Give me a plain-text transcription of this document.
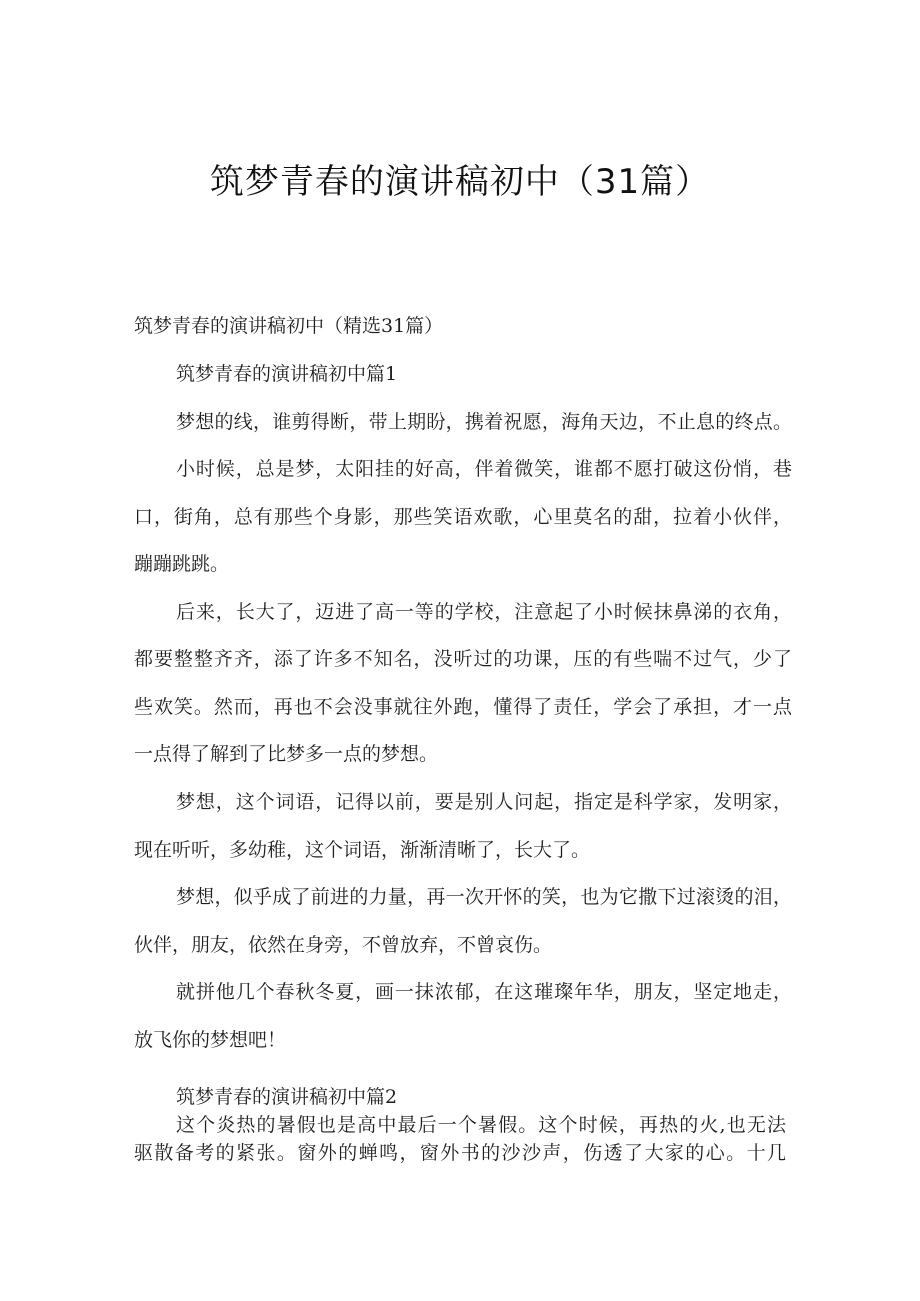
筑梦青春的演讲稿初中（31篇）
筑梦青春的演讲稿初中（精选31篇）
筑梦青春的演讲稿初中篇1
梦想的线，谁剪得断，带上期盼，携着祝愿，海角天边，不止息的终点。
小时候，总是梦，太阳挂的好高，伴着微笑，谁都不愿打破这份悄，巷
口，街角，总有那些个身影，那些笑语欢歌，心里莫名的甜，拉着小伙伴，
蹦蹦跳跳。
后来，长大了，迈进了高一等的学校，注意起了小时候抹鼻涕的衣角，
都要整整齐齐，添了许多不知名，没听过的功课，压的有些喘不过气，少了
些欢笑。然而，再也不会没事就往外跑，懂得了责任，学会了承担，才一点
一点得了解到了比梦多一点的梦想。
梦想，这个词语，记得以前，要是别人问起，指定是科学家，发明家，
现在听听，多幼稚，这个词语，渐渐清晰了，长大了。
梦想，似乎成了前进的力量，再一次开怀的笑，也为它撒下过滚烫的泪，
伙伴，朋友，依然在身旁，不曾放弃，不曾哀伤。
就拼他几个春秋冬夏，画一抹浓郁，在这璀璨年华，朋友，坚定地走，
放飞你的梦想吧！
筑梦青春的演讲稿初中篇2
这个炎热的暑假也是高中最后一个暑假。这个时候，再热的火,也无法
驱散备考的紧张。窗外的蝉鸣，窗外书的沙沙声，伤透了大家的心。十几
